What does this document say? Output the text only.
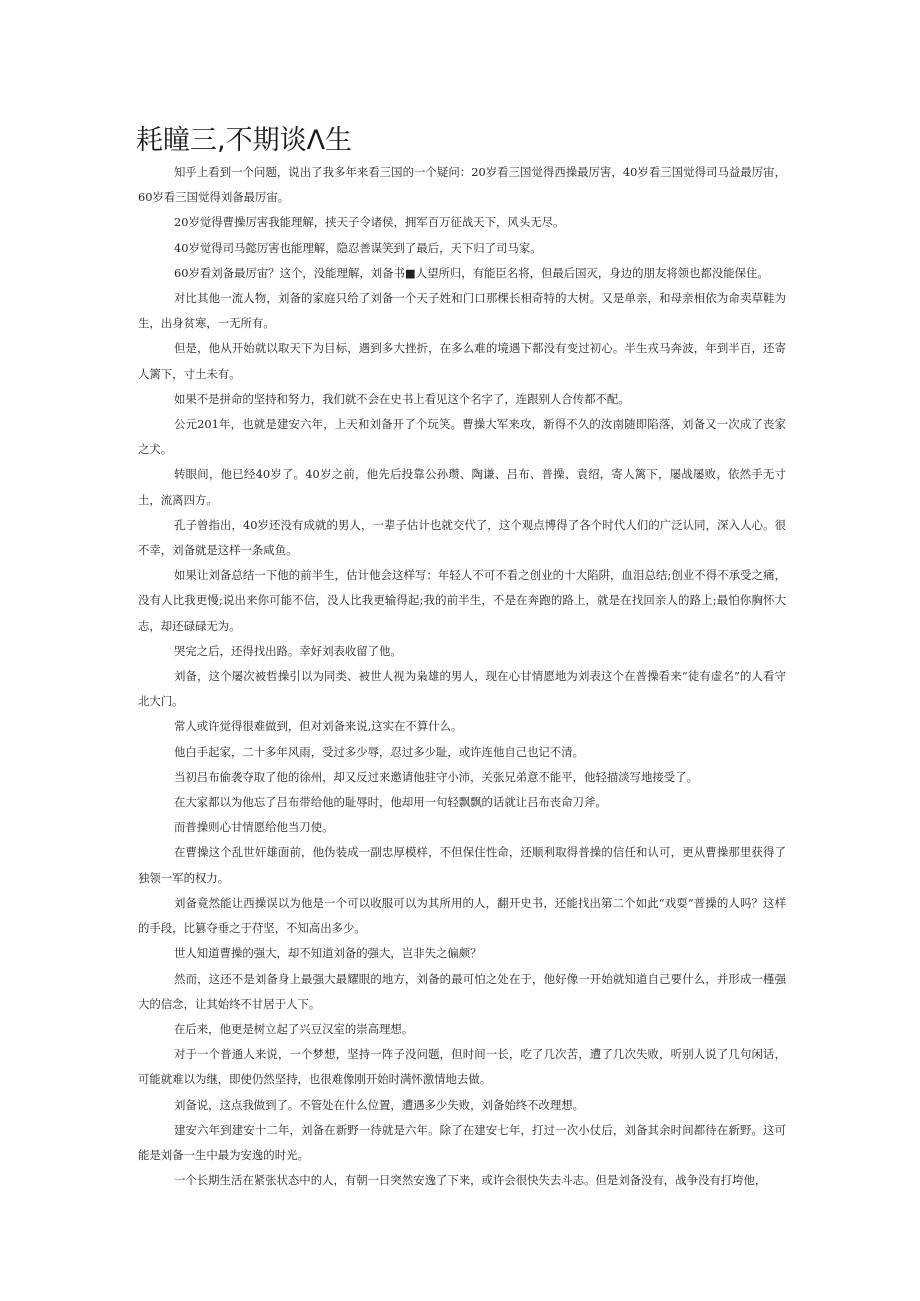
耗瞳三,不期谈Λ生

知乎上看到一个问题，说出了我多年来看三国的一个疑问：20岁看三国觉得西操最厉害，40岁看三国觉得司马益最厉宙，60岁看三国觉得刘备最厉宙。

20岁觉得曹操厉害我能理解，挟天子令诸侯，拥军百万征战天下，风头无尽。

40岁觉得司马懿厉害也能理解，隐忍善谋笑到了最后，天下归了司马家。

60岁看刘备最厉宙？这个，没能理解，刘备书■人望所归，有能臣名将，但最后国灭，身边的朋友将领也都没能保住。

对比其他一流人物，刘备的家庭只给了刘备一个天子姓和门口那棵长相奇特的大树。又是单亲，和母亲相依为命卖草鞋为生，出身贫寒，一无所有。

但是，他从开始就以取天下为目标，遇到多大挫折，在多么难的境遇下都没有变过初心。半生戎马奔波，年到半百，还寄人篱下，寸土未有。

如果不是拼命的坚持和努力，我们就不会在史书上看见这个名字了，连跟别人合传都不配。

公元201年，也就是建安六年，上天和刘备开了个玩笑。曹操大军来攻，新得不久的汝南随即陷落，刘备又一次成了丧家之犬。

转眼间，他已经40岁了。40岁之前，他先后投靠公孙瓒、陶谦、吕布、普操、袁绍，寄人篱下，屡战屡败，依然手无寸土，流离四方。

孔子曾指出，40岁还没有成就的男人，一辈子估计也就交代了，这个观点博得了各个时代人们的广泛认同，深入人心。很不幸，刘备就是这样一条咸鱼。

如果让刘备总结一下他的前半生，估计他会这样写：年轻人不可不看之创业的十大陷阱，血泪总结;创业不得不承受之痛，没有人比我更慢;说出来你可能不信，没人比我更输得起;我的前半生，不是在奔跑的路上，就是在找回亲人的路上;最怕你胸怀大志，却还碌碌无为。

哭完之后，还得找出路。幸好刘表收留了他。

刘备，这个屡次被哲操引以为同类、被世人视为枭雄的男人，现在心甘情愿地为刘表这个在普操看来“徒有虚名”的人看守北大门。

常人或许觉得很难做到，但对刘备来说,这实在不算什么。

他白手起家，二十多年风雨，受过多少辱，忍过多少耻，或许连他自己也记不清。

当初吕布偷袭夺取了他的徐州，却又反过来邀请他驻守小沛，关张兄弟意不能平，他轻描淡写地接受了。

在大家都以为他忘了吕布带给他的耻辱时，他却用一句轻飘飘的话就让吕布丧命刀斧。

而普操则心甘情愿给他当刀使。

在曹操这个乱世奸雄面前，他伪装成一副忠厚模样，不但保住性命，还顺利取得普操的信任和认可，更从曹操那里获得了独领一军的权力。

刘备竟然能让西操误以为他是一个可以收服可以为其所用的人，翻开史书，还能找出第二个如此“戏耍”普操的人吗？这样的手段，比篡夺垂之于苻坚，不知高出多少。

世人知道曹操的强大，却不知道刘备的强大，岂非失之偏颇？

然而，这还不是刘备身上最强大最耀眼的地方，刘备的最可怕之处在于，他好像一开始就知道自己要什么，并形成一槿强大的信念，让其始终不甘居于人下。

在后来，他更是树立起了兴豆汉室的崇高理想。

对于一个普通人来说，一个梦想，坚持一阵子没问题，但时间一长，吃了几次苦，遭了几次失败，听别人说了几句闲话，可能就难以为继，即使仍然坚持，也很难像刚开始时满怀激情地去做。

刘备说，这点我做到了。不管处在什么位置，遭遇多少失败，刘备始终不改理想。

建安六年到建安十二年，刘备在新野一待就是六年。除了在建安七年，打过一次小仗后，刘备其余时间都待在新野。这可能是刘备一生中最为安逸的时光。

一个长期生活在紧张状态中的人，有朝一日突然安逸了下来，或许会很快失去斗志。但是刘备没有，战争没有打垮他，
